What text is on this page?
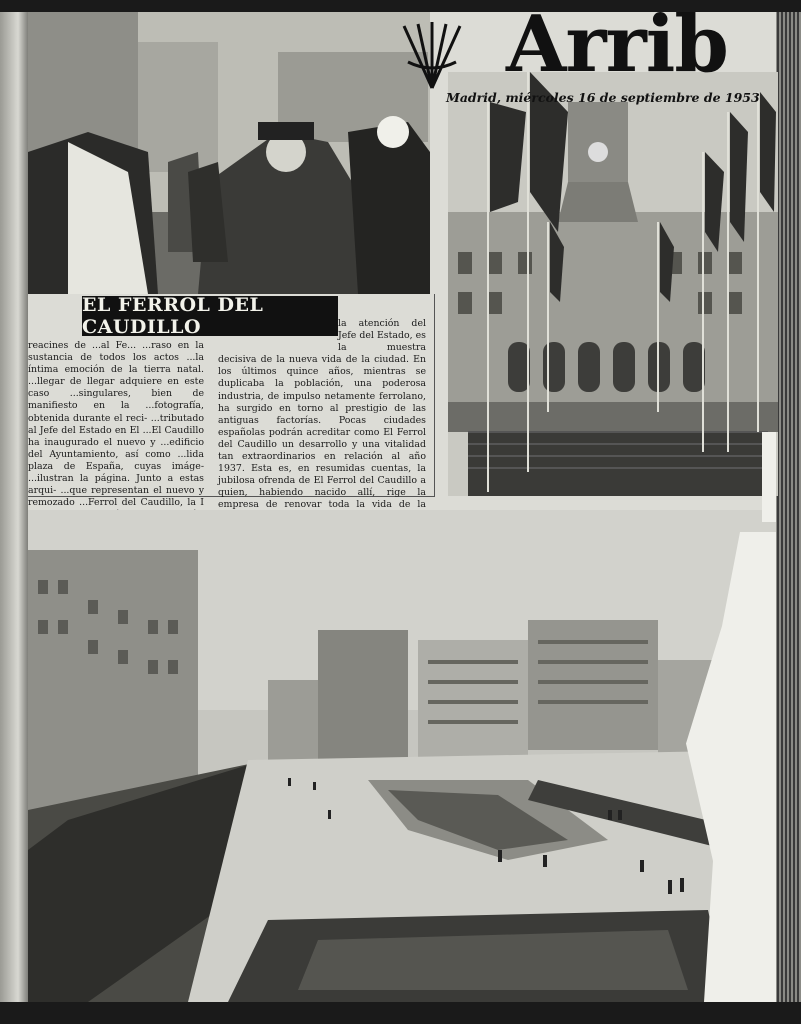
Arrib
Madrid, miércoles 16 de septiembre de 1953

reacines de ...al Fe... ...raso en la sustancia de todos los actos ...la íntima emoción de la tierra natal. ...llegar de llegar adquiere en este caso ...singulares, bien de manifiesto en la ...fotografía, obtenida durante el reci- ...tributado al Jefe del Estado en El ...El Caudillo ha inaugurado el nuevo y ...edificio del Ayuntamiento, así como ...lida plaza de España, cuyas imáge- ...ilustran la página. Junto a estas arqui- ...que representan el nuevo y remozado ...Ferrol del Caudillo, la I

la atención del Jefe del Estado, es la muestra decisiva de la nueva vida de la ciudad. En los últimos quince años, mientras se duplicaba la población, una poderosa industria, de impulso netamente ferrolano, ha surgido en torno al prestigio de las antiguas factorías. Pocas ciudades españolas podrán acreditar como El Ferrol del Caudillo un desarrollo y una vitalidad tan extraordinarios en relación al año 1937. Esta es, en resumidas cuentas, la jubilosa ofrenda de El Ferrol del Caudillo a quien, habiendo nacido allí, rige la empresa de renovar toda la vida de la

EL FERROL DEL CAUDILLO
